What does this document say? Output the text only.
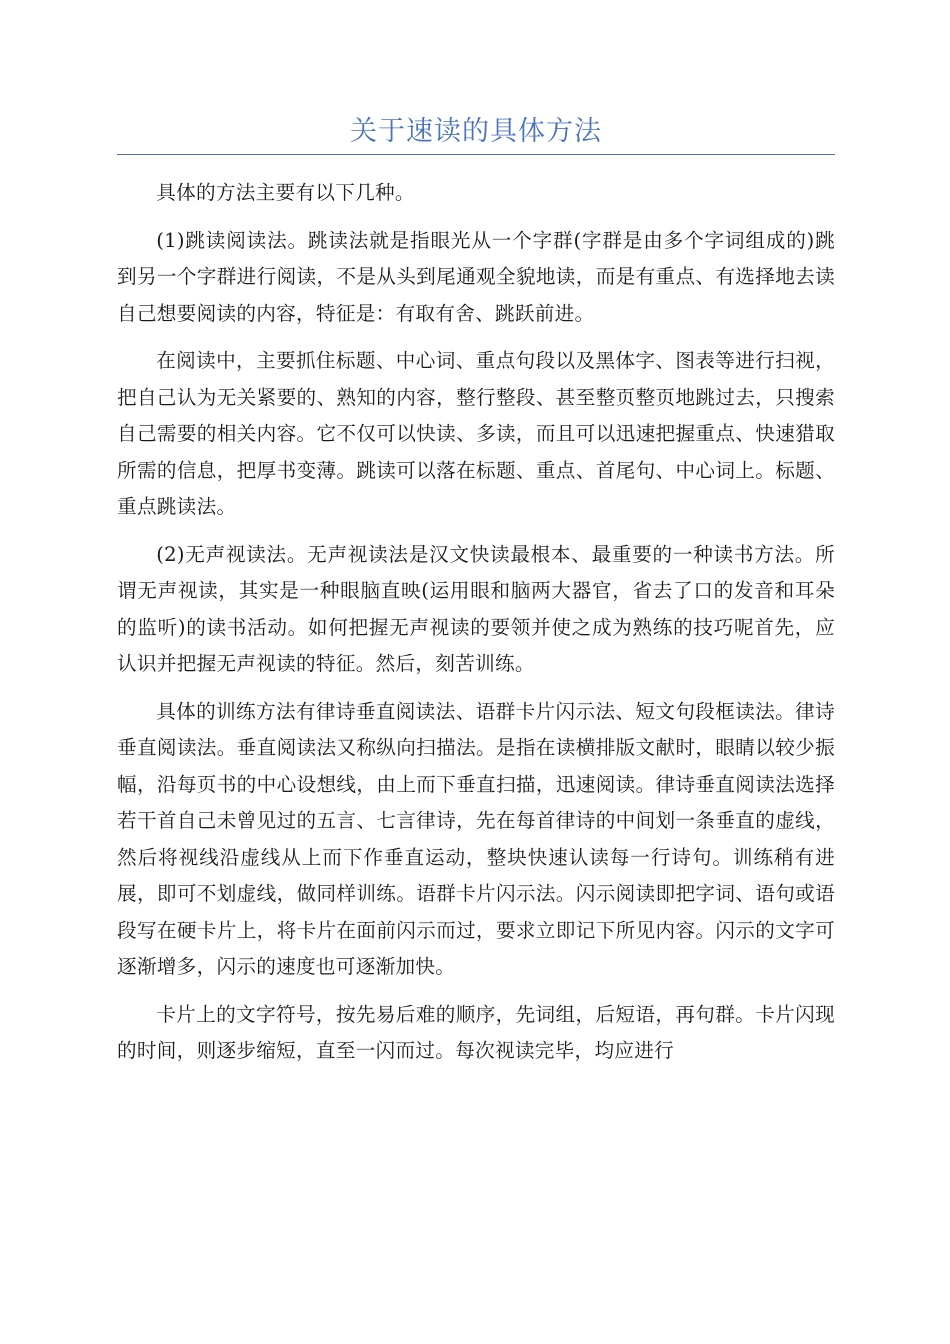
关于速读的具体方法

具体的方法主要有以下几种。

(1)跳读阅读法。跳读法就是指眼光从一个字群(字群是由多个字词组成的)跳到另一个字群进行阅读，不是从头到尾通观全貌地读，而是有重点、有选择地去读自己想要阅读的内容，特征是：有取有舍、跳跃前进。

在阅读中，主要抓住标题、中心词、重点句段以及黑体字、图表等进行扫视，把自己认为无关紧要的、熟知的内容，整行整段、甚至整页整页地跳过去，只搜索自己需要的相关内容。它不仅可以快读、多读，而且可以迅速把握重点、快速猎取所需的信息，把厚书变薄。跳读可以落在标题、重点、首尾句、中心词上。标题、重点跳读法。

(2)无声视读法。无声视读法是汉文快读最根本、最重要的一种读书方法。所谓无声视读，其实是一种眼脑直映(运用眼和脑两大器官，省去了口的发音和耳朵的监听)的读书活动。如何把握无声视读的要领并使之成为熟练的技巧呢首先，应认识并把握无声视读的特征。然后，刻苦训练。

具体的训练方法有律诗垂直阅读法、语群卡片闪示法、短文句段框读法。律诗垂直阅读法。垂直阅读法又称纵向扫描法。是指在读横排版文献时，眼睛以较少振幅，沿每页书的中心设想线，由上而下垂直扫描，迅速阅读。律诗垂直阅读法选择若干首自己未曾见过的五言、七言律诗，先在每首律诗的中间划一条垂直的虚线，然后将视线沿虚线从上而下作垂直运动，整块快速认读每一行诗句。训练稍有进展，即可不划虚线，做同样训练。语群卡片闪示法。闪示阅读即把字词、语句或语段写在硬卡片上，将卡片在面前闪示而过，要求立即记下所见内容。闪示的文字可逐渐增多，闪示的速度也可逐渐加快。

卡片上的文字符号，按先易后难的顺序，先词组，后短语，再句群。卡片闪现的时间，则逐步缩短，直至一闪而过。每次视读完毕，均应进行
